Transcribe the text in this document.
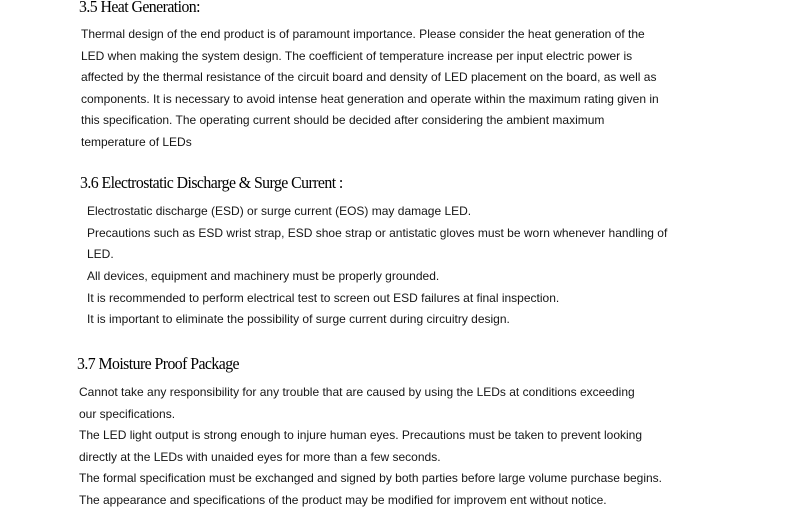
3.5 Heat Generation:
Thermal design of the end product is of paramount importance. Please consider the heat generation of the
LED when making the system design. The coefficient of temperature increase per input electric power is
affected by the thermal resistance of the circuit board and density of LED placement on the board, as well as
components. It is necessary to avoid intense heat generation and operate within the maximum rating given in
this specification. The operating current should be decided after considering the ambient maximum
temperature of LEDs
3.6 Electrostatic Discharge & Surge Current :
Electrostatic discharge (ESD) or surge current (EOS) may damage LED.
Precautions such as ESD wrist strap, ESD shoe strap or antistatic gloves must be worn whenever handling of
LED.
All devices, equipment and machinery must be properly grounded.
It is recommended to perform electrical test to screen out ESD failures at final inspection.
It is important to eliminate the possibility of surge current during circuitry design.
3.7 Moisture Proof Package
Cannot take any responsibility for any trouble that are caused by using the LEDs at conditions exceeding
our specifications.
The LED light output is strong enough to injure human eyes. Precautions must be taken to prevent looking
directly at the LEDs with unaided eyes for more than a few seconds.
The formal specification must be exchanged and signed by both parties before large volume purchase begins.
The appearance and specifications of the product may be modified for improvem ent without notice.
